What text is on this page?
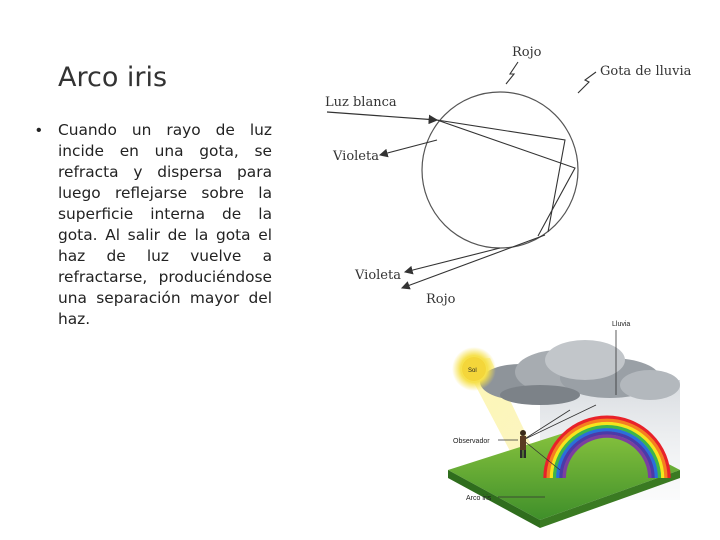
Arco iris
• Cuando un rayo de luz incide en una gota, se refracta y dispersa para luego reflejarse sobre la superficie interna de la gota. Al salir de la gota el haz de luz vuelve a refractarse, produciéndose una separación mayor del haz.
Rojo
Gota de lluvia
Luz blanca
Violeta
Violeta
Rojo
Lluvia
Sol
Observador
Arco iris
